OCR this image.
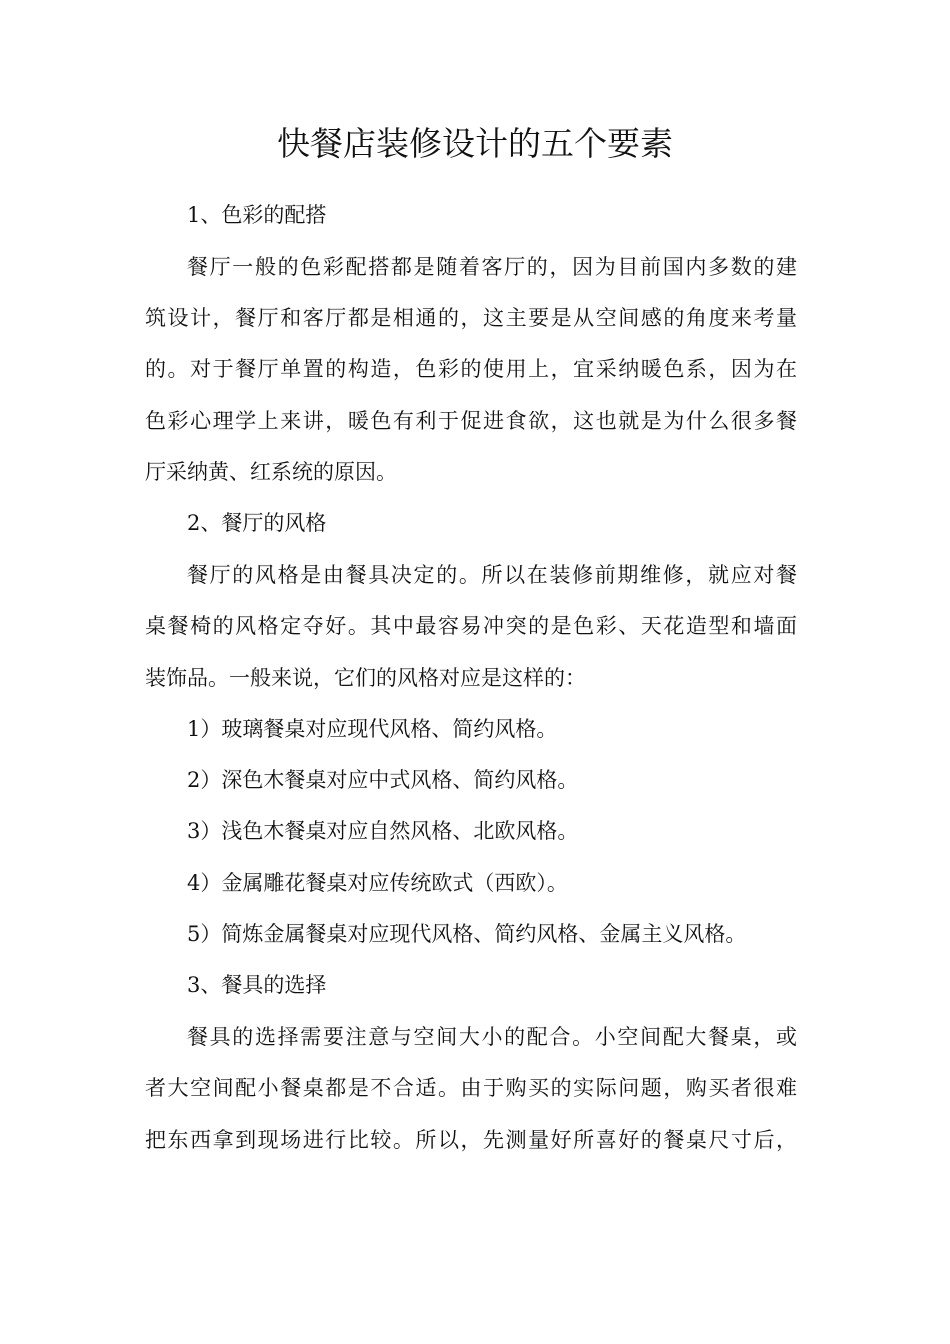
快餐店装修设计的五个要素

1、色彩的配搭

餐厅一般的色彩配搭都是随着客厅的，因为目前国内多数的建

筑设计，餐厅和客厅都是相通的，这主要是从空间感的角度来考量

的。对于餐厅单置的构造，色彩的使用上，宜采纳暖色系，因为在

色彩心理学上来讲，暖色有利于促进食欲，这也就是为什么很多餐

厅采纳黄、红系统的原因。

2、餐厅的风格

餐厅的风格是由餐具决定的。所以在装修前期维修，就应对餐

桌餐椅的风格定夺好。其中最容易冲突的是色彩、天花造型和墙面

装饰品。一般来说，它们的风格对应是这样的：

1）玻璃餐桌对应现代风格、简约风格。

2）深色木餐桌对应中式风格、简约风格。

3）浅色木餐桌对应自然风格、北欧风格。

4）金属雕花餐桌对应传统欧式（西欧）。

5）简炼金属餐桌对应现代风格、简约风格、金属主义风格。

3、餐具的选择

餐具的选择需要注意与空间大小的配合。小空间配大餐桌，或

者大空间配小餐桌都是不合适。由于购买的实际问题，购买者很难

把东西拿到现场进行比较。所以，先测量好所喜好的餐桌尺寸后，
